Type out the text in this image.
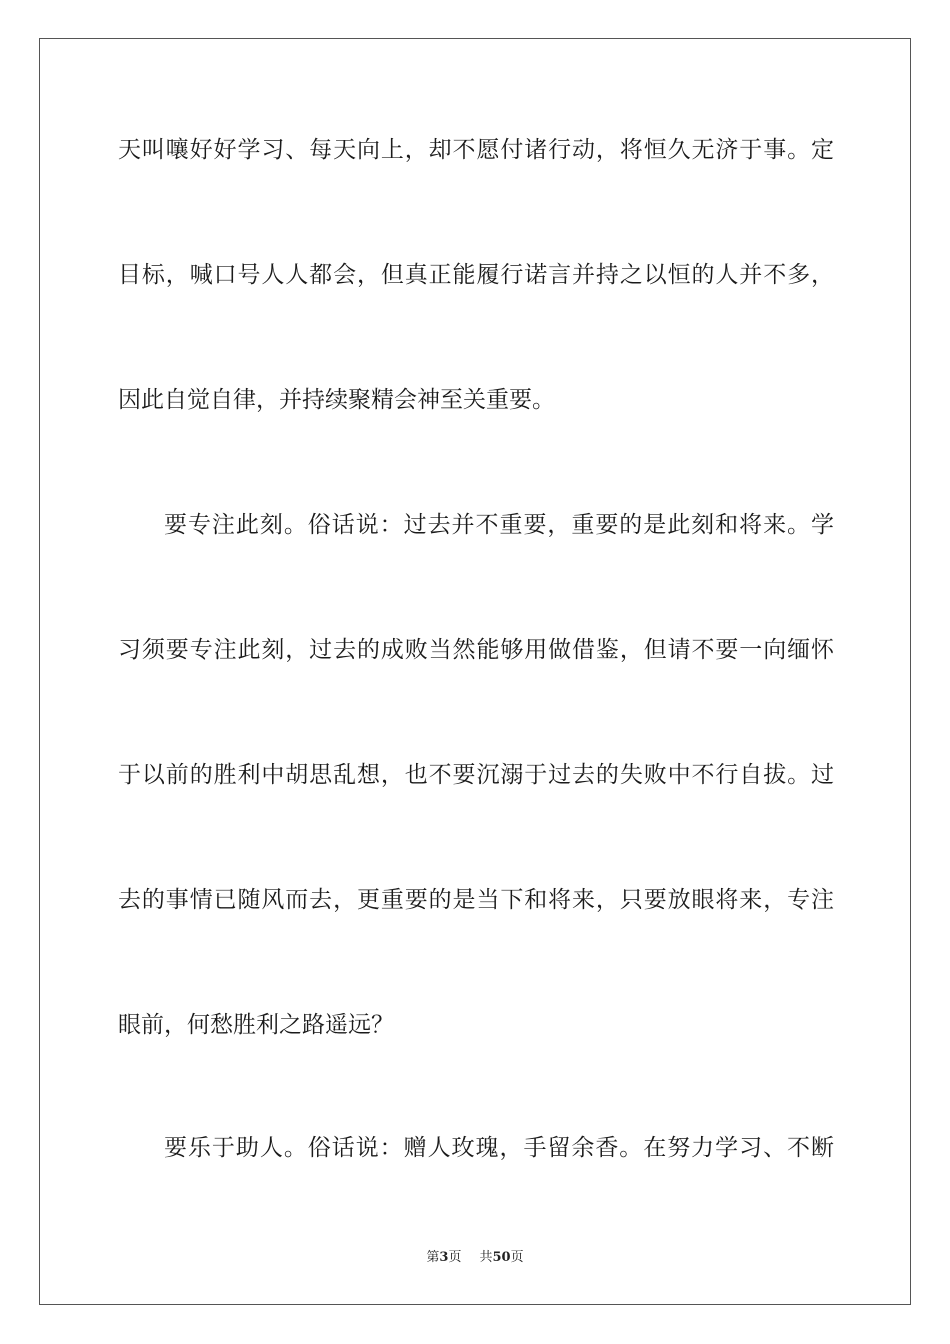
天叫嚷好好学习、每天向上，却不愿付诸行动，将恒久无济于事。定
目标，喊口号人人都会，但真正能履行诺言并持之以恒的人并不多，
因此自觉自律，并持续聚精会神至关重要。
要专注此刻。俗话说：过去并不重要，重要的是此刻和将来。学
习须要专注此刻，过去的成败当然能够用做借鉴，但请不要一向缅怀
于以前的胜利中胡思乱想，也不要沉溺于过去的失败中不行自拔。过
去的事情已随风而去，更重要的是当下和将来，只要放眼将来，专注
眼前，何愁胜利之路遥远？
要乐于助人。俗话说：赠人玫瑰，手留余香。在努力学习、不断
第3页 共50页
